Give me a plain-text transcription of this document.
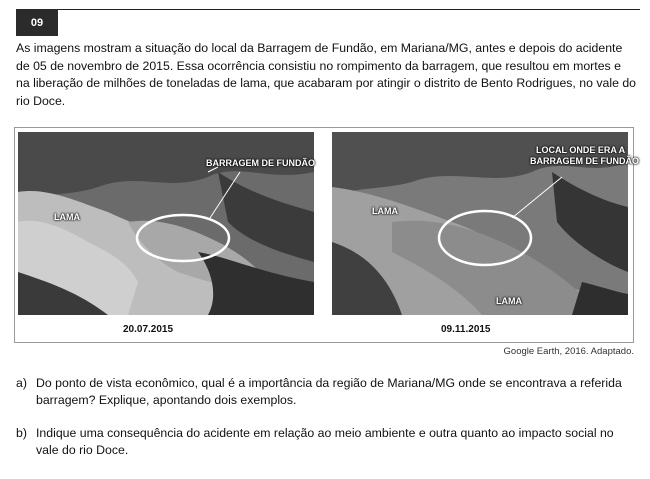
09

As imagens mostram a situação do local da Barragem de Fundão, em Mariana/MG, antes e depois do acidente de 05 de novembro de 2015. Essa ocorrência consistiu no rompimento da barragem, que resultou em mortes e na liberação de milhões de toneladas de lama, que acabaram por atingir o distrito de Bento Rodrigues, no vale do rio Doce.

BARRAGEM DE FUNDÃO
LAMA
20.07.2015
LOCAL ONDE ERA A
BARRAGEM DE FUNDÃO
LAMA
LAMA
09.11.2015
Google Earth, 2016. Adaptado.
a) Do ponto de vista econômico, qual é a importância da região de Mariana/MG onde se encontrava a referida barragem? Explique, apontando dois exemplos.
b) Indique uma consequência do acidente em relação ao meio ambiente e outra quanto ao impacto social no vale do rio Doce.
